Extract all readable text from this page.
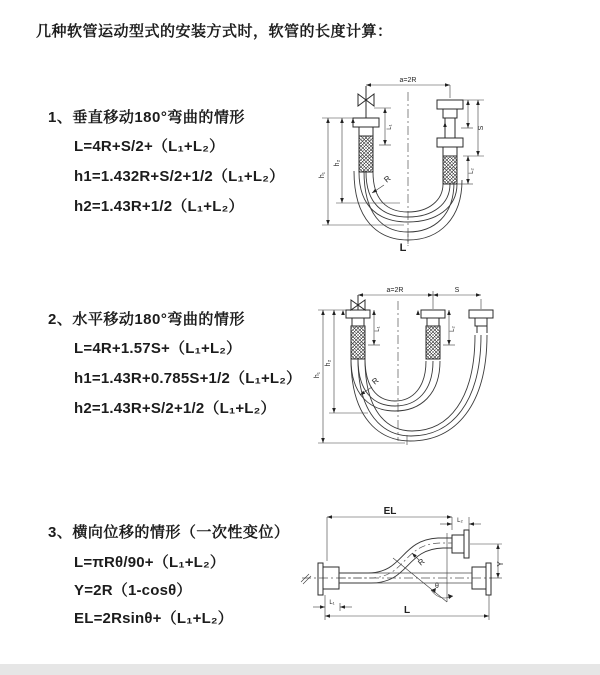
几种软管运动型式的安装方式时，软管的长度计算：
1、垂直移动180°弯曲的情形
L=4R+S/2+（L₁+L₂）
h1=1.432R+S/2+1/2（L₁+L₂）
h2=1.43R+1/2（L₁+L₂）
2、水平移动180°弯曲的情形
L=4R+1.57S+（L₁+L₂）
h1=1.43R+0.785S+1/2（L₁+L₂）
h2=1.43R+S/2+1/2（L₁+L₂）
3、横向位移的情形（一次性变位）
L=πRθ/90+（L₁+L₂）
Y=2R（1-cosθ）
EL=2Rsinθ+（L₁+L₂）
a=2R
h₁
h₂
L₁	S
L₂
R
L
a=2R	S
h₁
h₂
L₁	L₂
R
EL
L₂
Y
L
L₁
R
θ
